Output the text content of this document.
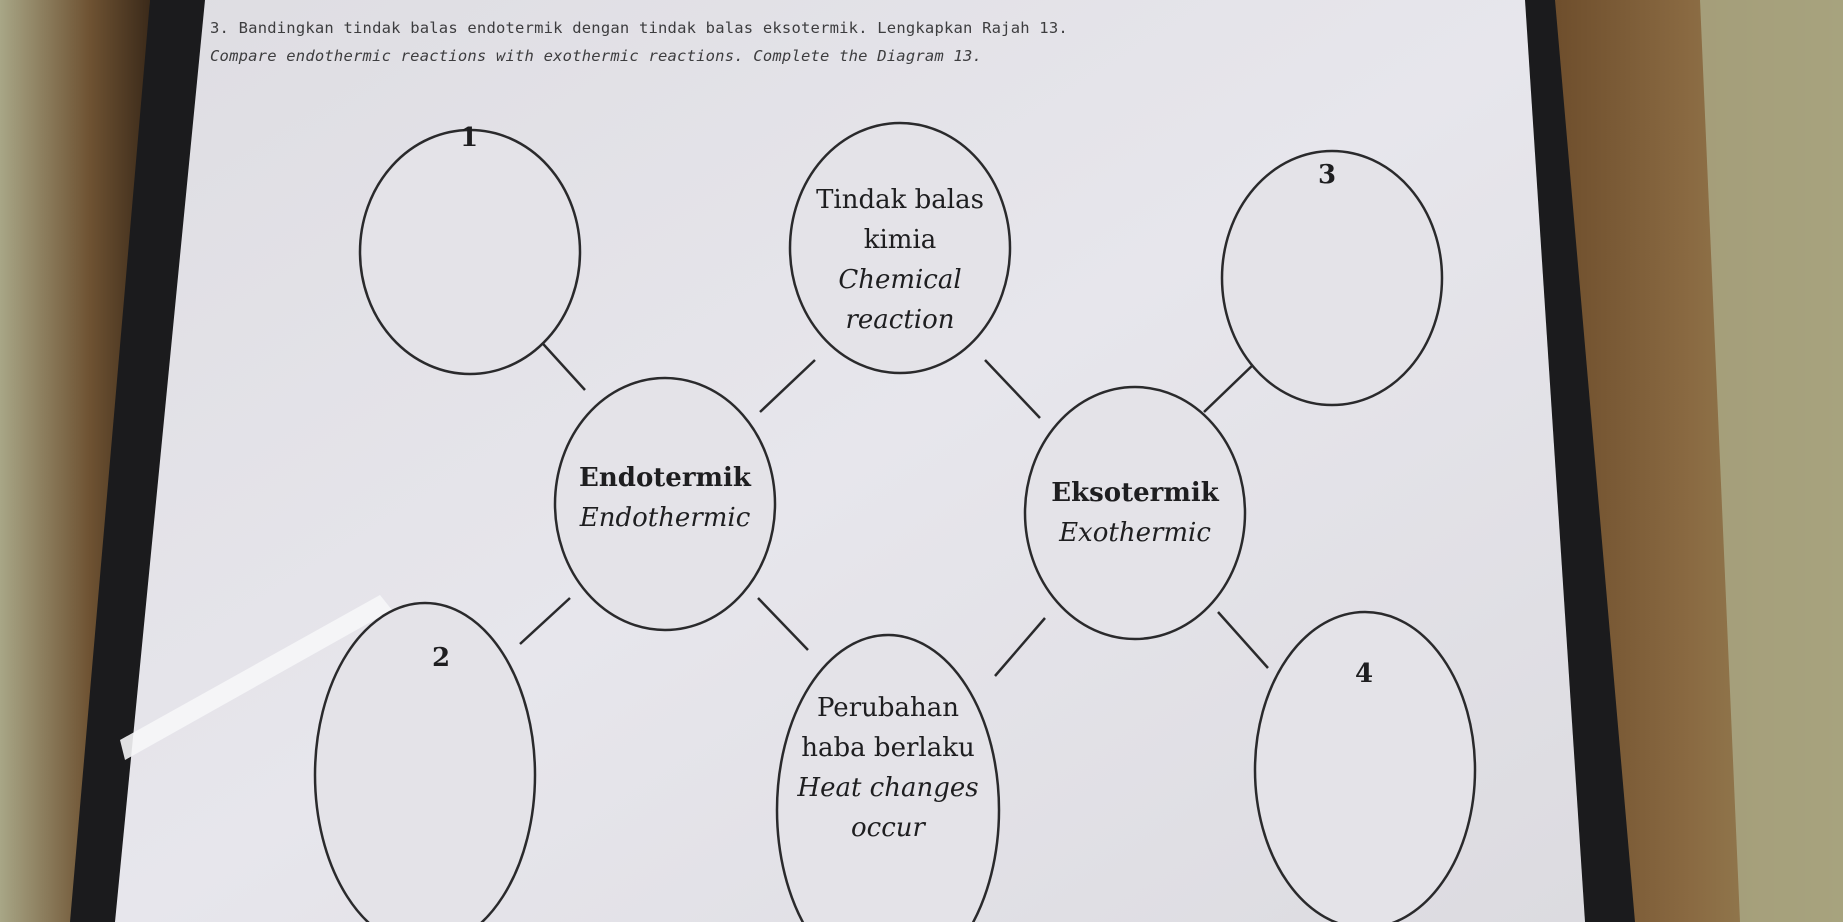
3. Bandingkan tindak balas endotermik dengan tindak balas eksotermik. Lengkapkan Rajah 13.
Compare endothermic reactions with exothermic reactions. Complete the Diagram 13.
Tindak balas
kimia
Chemical
reaction
Endotermik
Endothermic
Eksotermik
Exothermic
Perubahan
haba berlaku
Heat changes occur
1
3
2
4
